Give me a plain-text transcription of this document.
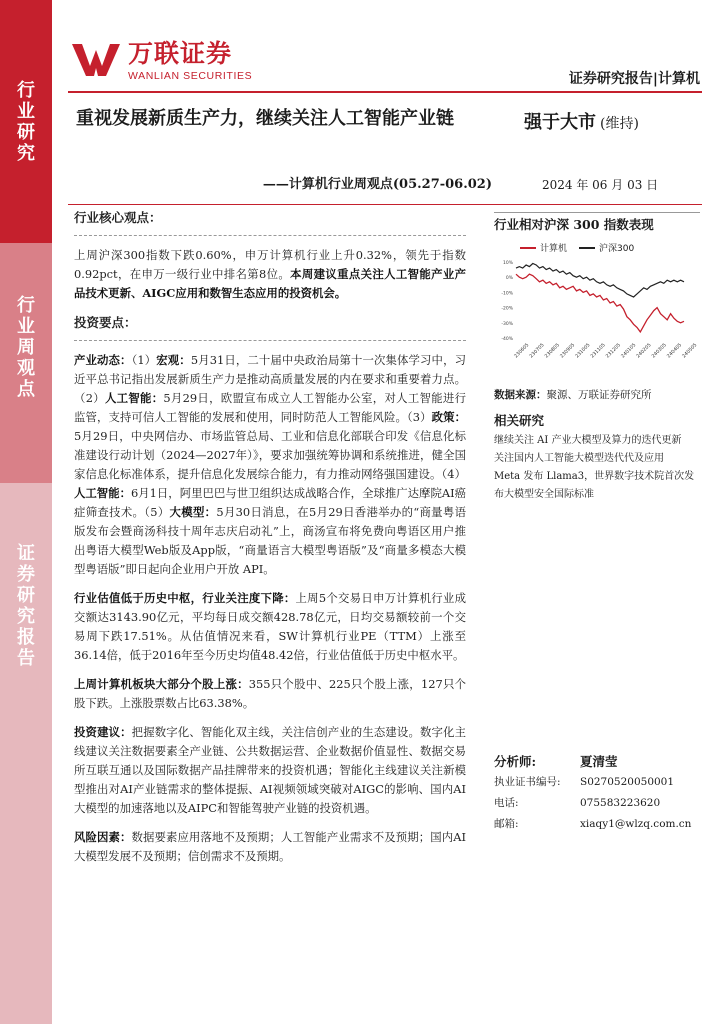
行
业
研
究
行
业
周
观
点
证
券
研
究
报
告
万联证券
WANLIAN SECURITIES	证券研究报告|计算机
重视发展新质生产力，继续关注人工智能产业链
——计算机行业周观点(05.27-06.02)
强于大市 (维持)
2024 年 06 月 03 日
行业核心观点：
上周沪深300指数下跌0.60%，申万计算机行业上升0.32%，领先于指数0.92pct，在申万一级行业中排名第8位。本周建议重点关注人工智能产业产品技术更新、AIGC应用和数智生态应用的投资机会。
投资要点：
产业动态：（1）宏观：5月31日，二十届中央政治局第十一次集体学习中，习近平总书记指出发展新质生产力是推动高质量发展的内在要求和重要着力点。（2）人工智能：5月29日，欧盟宣布成立人工智能办公室，对人工智能进行监管，支持可信人工智能的发展和使用，同时防范人工智能风险。（3）政策：5月29日，中央网信办、市场监管总局、工业和信息化部联合印发《信息化标准建设行动计划（2024—2027年）》，要求加强统筹协调和系统推进，健全国家信息化标准体系，提升信息化发展综合能力，有力推动网络强国建设。（4）人工智能：6月1日，阿里巴巴与世卫组织达成战略合作，全球推广达摩院AI癌症筛查技术。（5）大模型：5月30日消息，在5月29日香港举办的“商量粤语版发布会暨商汤科技十周年志庆启动礼”上，商汤宣布将免费向粤语区用户推出粤语大模型Web版及App版，“商量语言大模型粤语版”及“商量多模态大模型粤语版”即日起向企业用户开放 API。
行业估值低于历史中枢，行业关注度下降：上周5个交易日申万计算机行业成交额达3143.90亿元，平均每日成交额428.78亿元，日均交易额较前一个交易周下跌17.51%。从估值情况来看，SW计算机行业PE（TTM）上涨至36.14倍，低于2016年至今历史均值48.42倍，行业估值低于历史中枢水平。
上周计算机板块大部分个股上涨：355只个股中、225只个股上涨，127只个股下跌。上涨股票数占比63.38%。
投资建议：把握数字化、智能化双主线，关注信创产业的生态建设。数字化主线建议关注数据要素全产业链、公共数据运营、企业数据价值显性、数据交易所互联互通以及国际数据产品挂牌带来的投资机遇；智能化主线建议关注新模型推出对AI产业链需求的整体提振、AI视频领域突破对AIGC的影响、国内AI大模型的加速落地以及AIPC和智能驾驶产业链的投资机遇。
风险因素：数据要素应用落地不及预期；人工智能产业需求不及预期；国内AI大模型发展不及预期；信创需求不及预期。
行业相对沪深 300 指数表现
计算机	沪深300
10%
0%
-10%
-20%
-30%
-40%
230605
230705
230805
230905
231005
231105
231205
240105
240205
240305
240405
240505
数据来源：聚源、万联证券研究所
相关研究
继续关注 AI 产业大模型及算力的迭代更新
关注国内人工智能大模型迭代代及应用
Meta 发布 Llama3，世界数字技术院首次发布大模型安全国际标准
分析师:	夏清莹
执业证书编号:	S0270520050001
电话:	075583223620
邮箱:	xiaqy1@wlzq.com.cn
